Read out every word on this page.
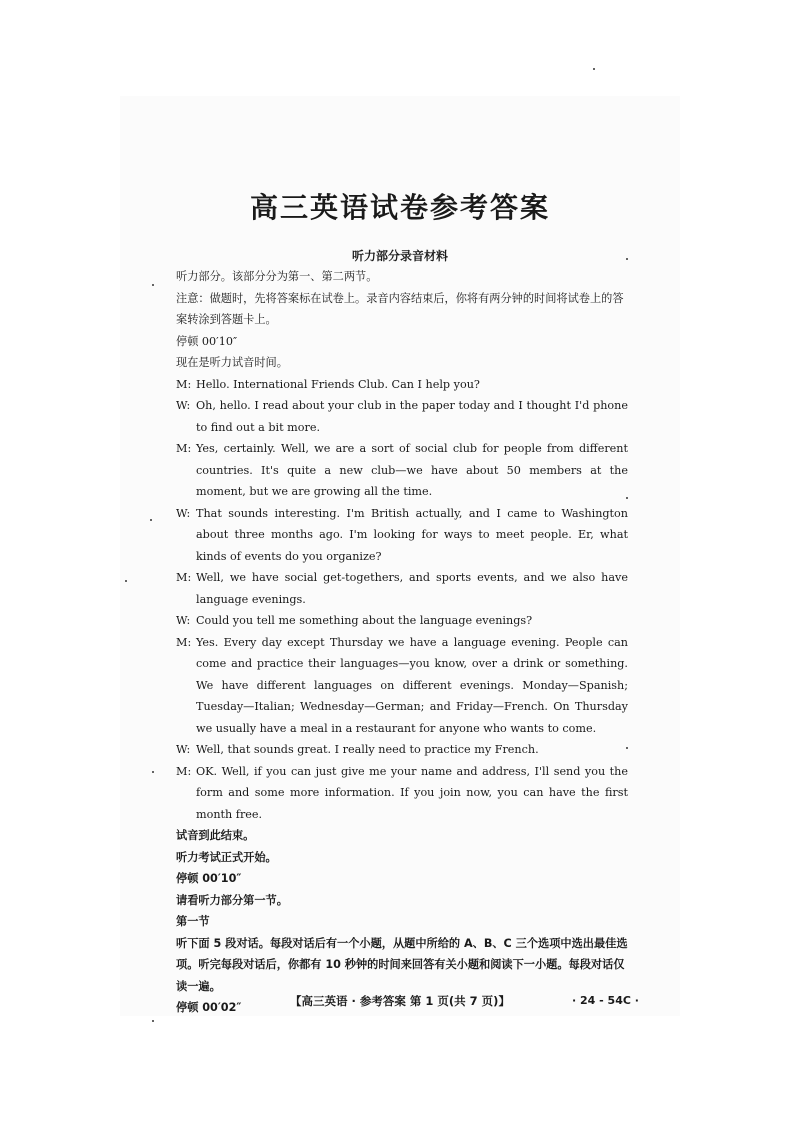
高三英语试卷参考答案
听力部分录音材料

听力部分。该部分分为第一、第二两节。

注意：做题时，先将答案标在试卷上。录音内容结束后，你将有两分钟的时间将试卷上的答案转涂到答题卡上。

停顿 00′10″

现在是听力试音时间。

M: Hello. International Friends Club. Can I help you?
W: Oh, hello. I read about your club in the paper today and I thought I'd phone to find out a bit more.
M: Yes, certainly. Well, we are a sort of social club for people from different countries. It's quite a new club—we have about 50 members at the moment, but we are growing all the time.
W: That sounds interesting. I'm British actually, and I came to Washington about three months ago. I'm looking for ways to meet people. Er, what kinds of events do you organize?
M: Well, we have social get-togethers, and sports events, and we also have language evenings.
W: Could you tell me something about the language evenings?
M: Yes. Every day except Thursday we have a language evening. People can come and practice their languages—you know, over a drink or something. We have different languages on different evenings. Monday—Spanish; Tuesday—Italian; Wednesday—German; and Friday—French. On Thursday we usually have a meal in a restaurant for anyone who wants to come.
W: Well, that sounds great. I really need to practice my French.
M: OK. Well, if you can just give me your name and address, I'll send you the form and some more information. If you join now, you can have the first month free.

试音到此结束。

听力考试正式开始。

停顿 00′10″

请看听力部分第一节。

第一节

听下面 5 段对话。每段对话后有一个小题，从题中所给的 A、B、C 三个选项中选出最佳选项。听完每段对话后，你都有 10 秒钟的时间来回答有关小题和阅读下一小题。每段对话仅读一遍。

停顿 00′02″	【高三英语 · 参考答案 第 1 页(共 7 页)】	· 24 - 54C ·
